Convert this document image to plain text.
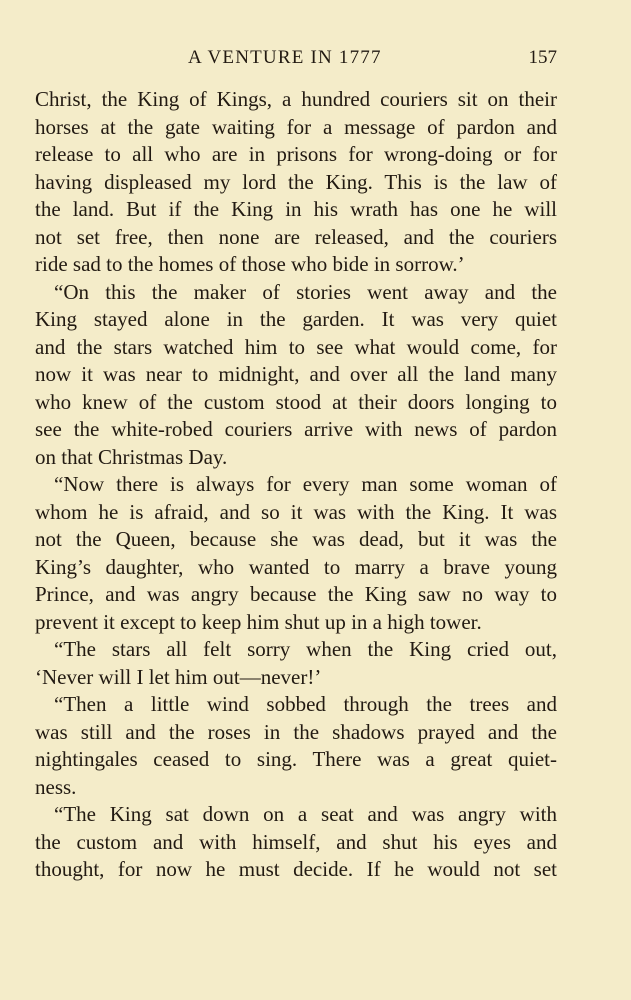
A VENTURE IN 1777	157
Christ, the King of Kings, a hundred couriers sit on their
horses at the gate waiting for a message of pardon and
release to all who are in prisons for wrong-doing or for
having displeased my lord the King. This is the law of
the land. But if the King in his wrath has one he will
not set free, then none are released, and the couriers
ride sad to the homes of those who bide in sorrow.’
“On this the maker of stories went away and the
King stayed alone in the garden. It was very quiet
and the stars watched him to see what would come, for
now it was near to midnight, and over all the land many
who knew of the custom stood at their doors longing to
see the white-robed couriers arrive with news of pardon
on that Christmas Day.
“Now there is always for every man some woman of
whom he is afraid, and so it was with the King. It was
not the Queen, because she was dead, but it was the
King’s daughter, who wanted to marry a brave young
Prince, and was angry because the King saw no way to
prevent it except to keep him shut up in a high tower.
“The stars all felt sorry when the King cried out,
‘Never will I let him out—never!’
“Then a little wind sobbed through the trees and
was still and the roses in the shadows prayed and the
nightingales ceased to sing. There was a great quiet-
ness.
“The King sat down on a seat and was angry with
the custom and with himself, and shut his eyes and
thought, for now he must decide. If he would not set
